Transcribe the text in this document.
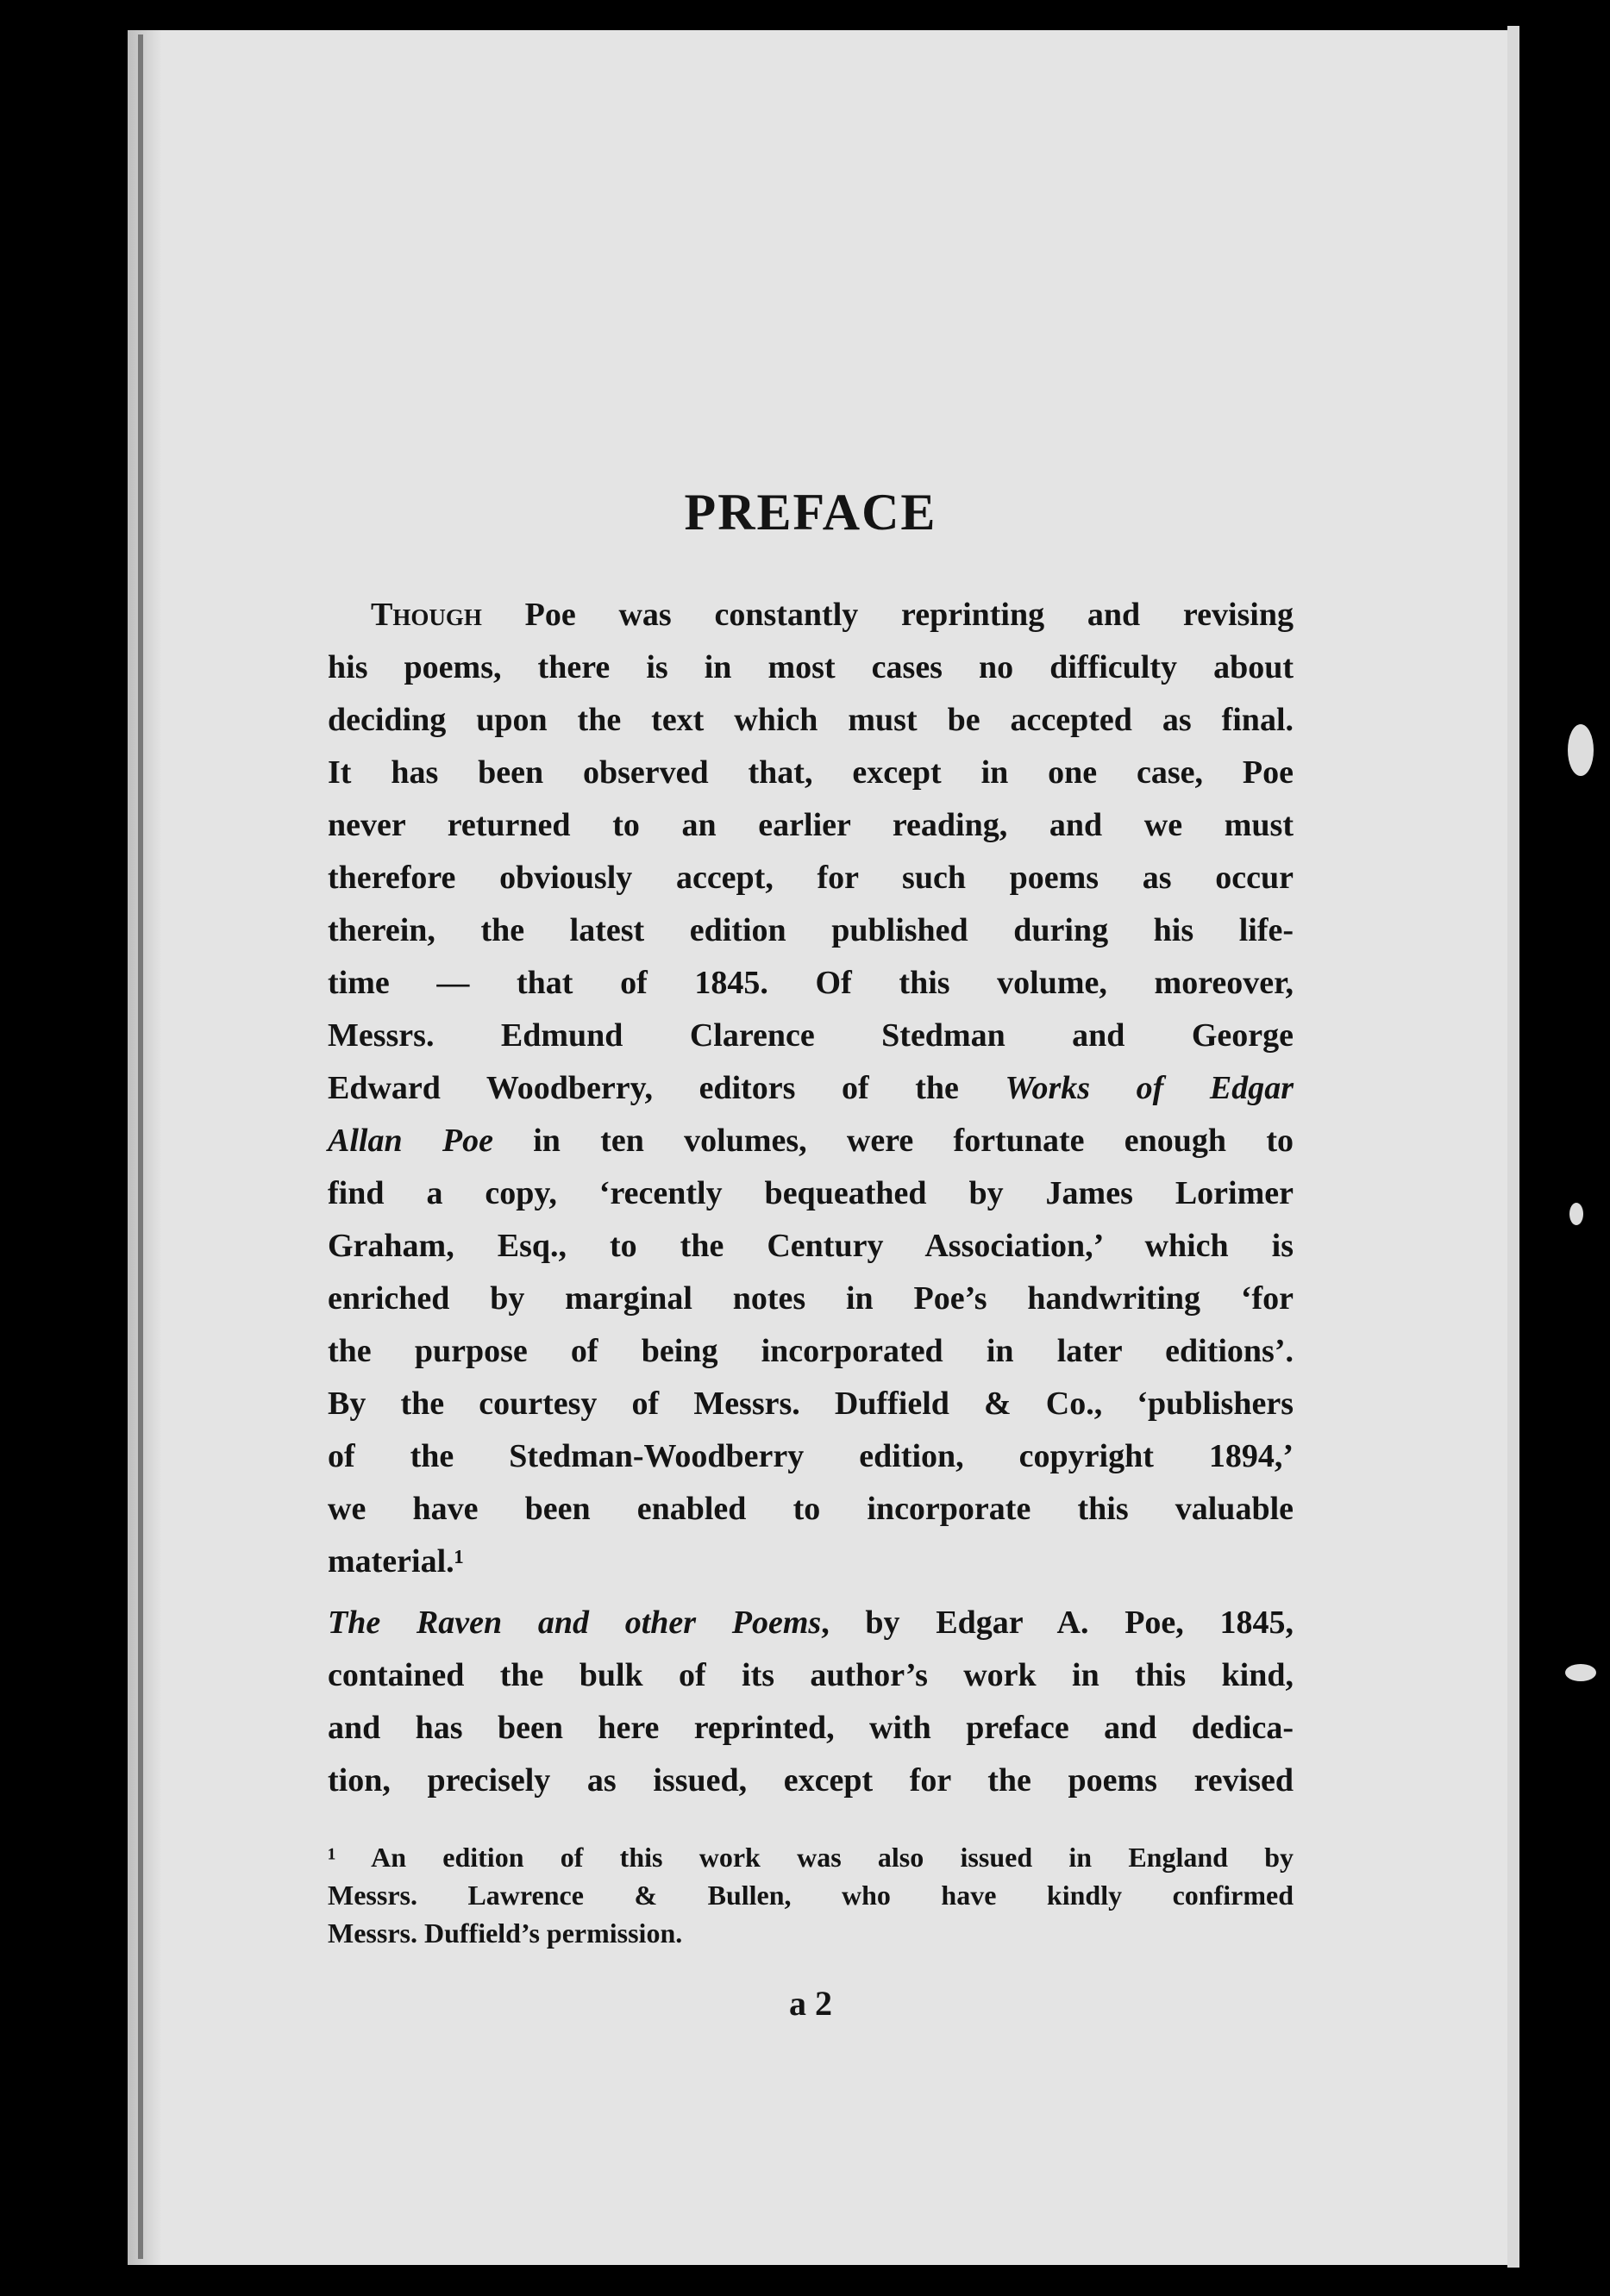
PREFACE
Though Poe was constantly reprinting and revising
his poems, there is in most cases no difficulty about
deciding upon the text which must be accepted as final.
It has been observed that, except in one case, Poe
never returned to an earlier reading, and we must
therefore obviously accept, for such poems as occur
therein, the latest edition published during his life-
time — that of 1845. Of this volume, moreover,
Messrs. Edmund Clarence Stedman and George
Edward Woodberry, editors of the Works of Edgar
Allan Poe in ten volumes, were fortunate enough to
find a copy, ‘recently bequeathed by James Lorimer
Graham, Esq., to the Century Association,’ which is
enriched by marginal notes in Poe’s handwriting ‘for
the purpose of being incorporated in later editions’.
By the courtesy of Messrs. Duffield & Co., ‘publishers
of the Stedman-Woodberry edition, copyright 1894,’
we have been enabled to incorporate this valuable
material.¹
The Raven and other Poems, by Edgar A. Poe, 1845,
contained the bulk of its author’s work in this kind,
and has been here reprinted, with preface and dedica-
tion, precisely as issued, except for the poems revised
¹ An edition of this work was also issued in England by
Messrs. Lawrence & Bullen, who have kindly confirmed
Messrs. Duffield’s permission.
a 2
